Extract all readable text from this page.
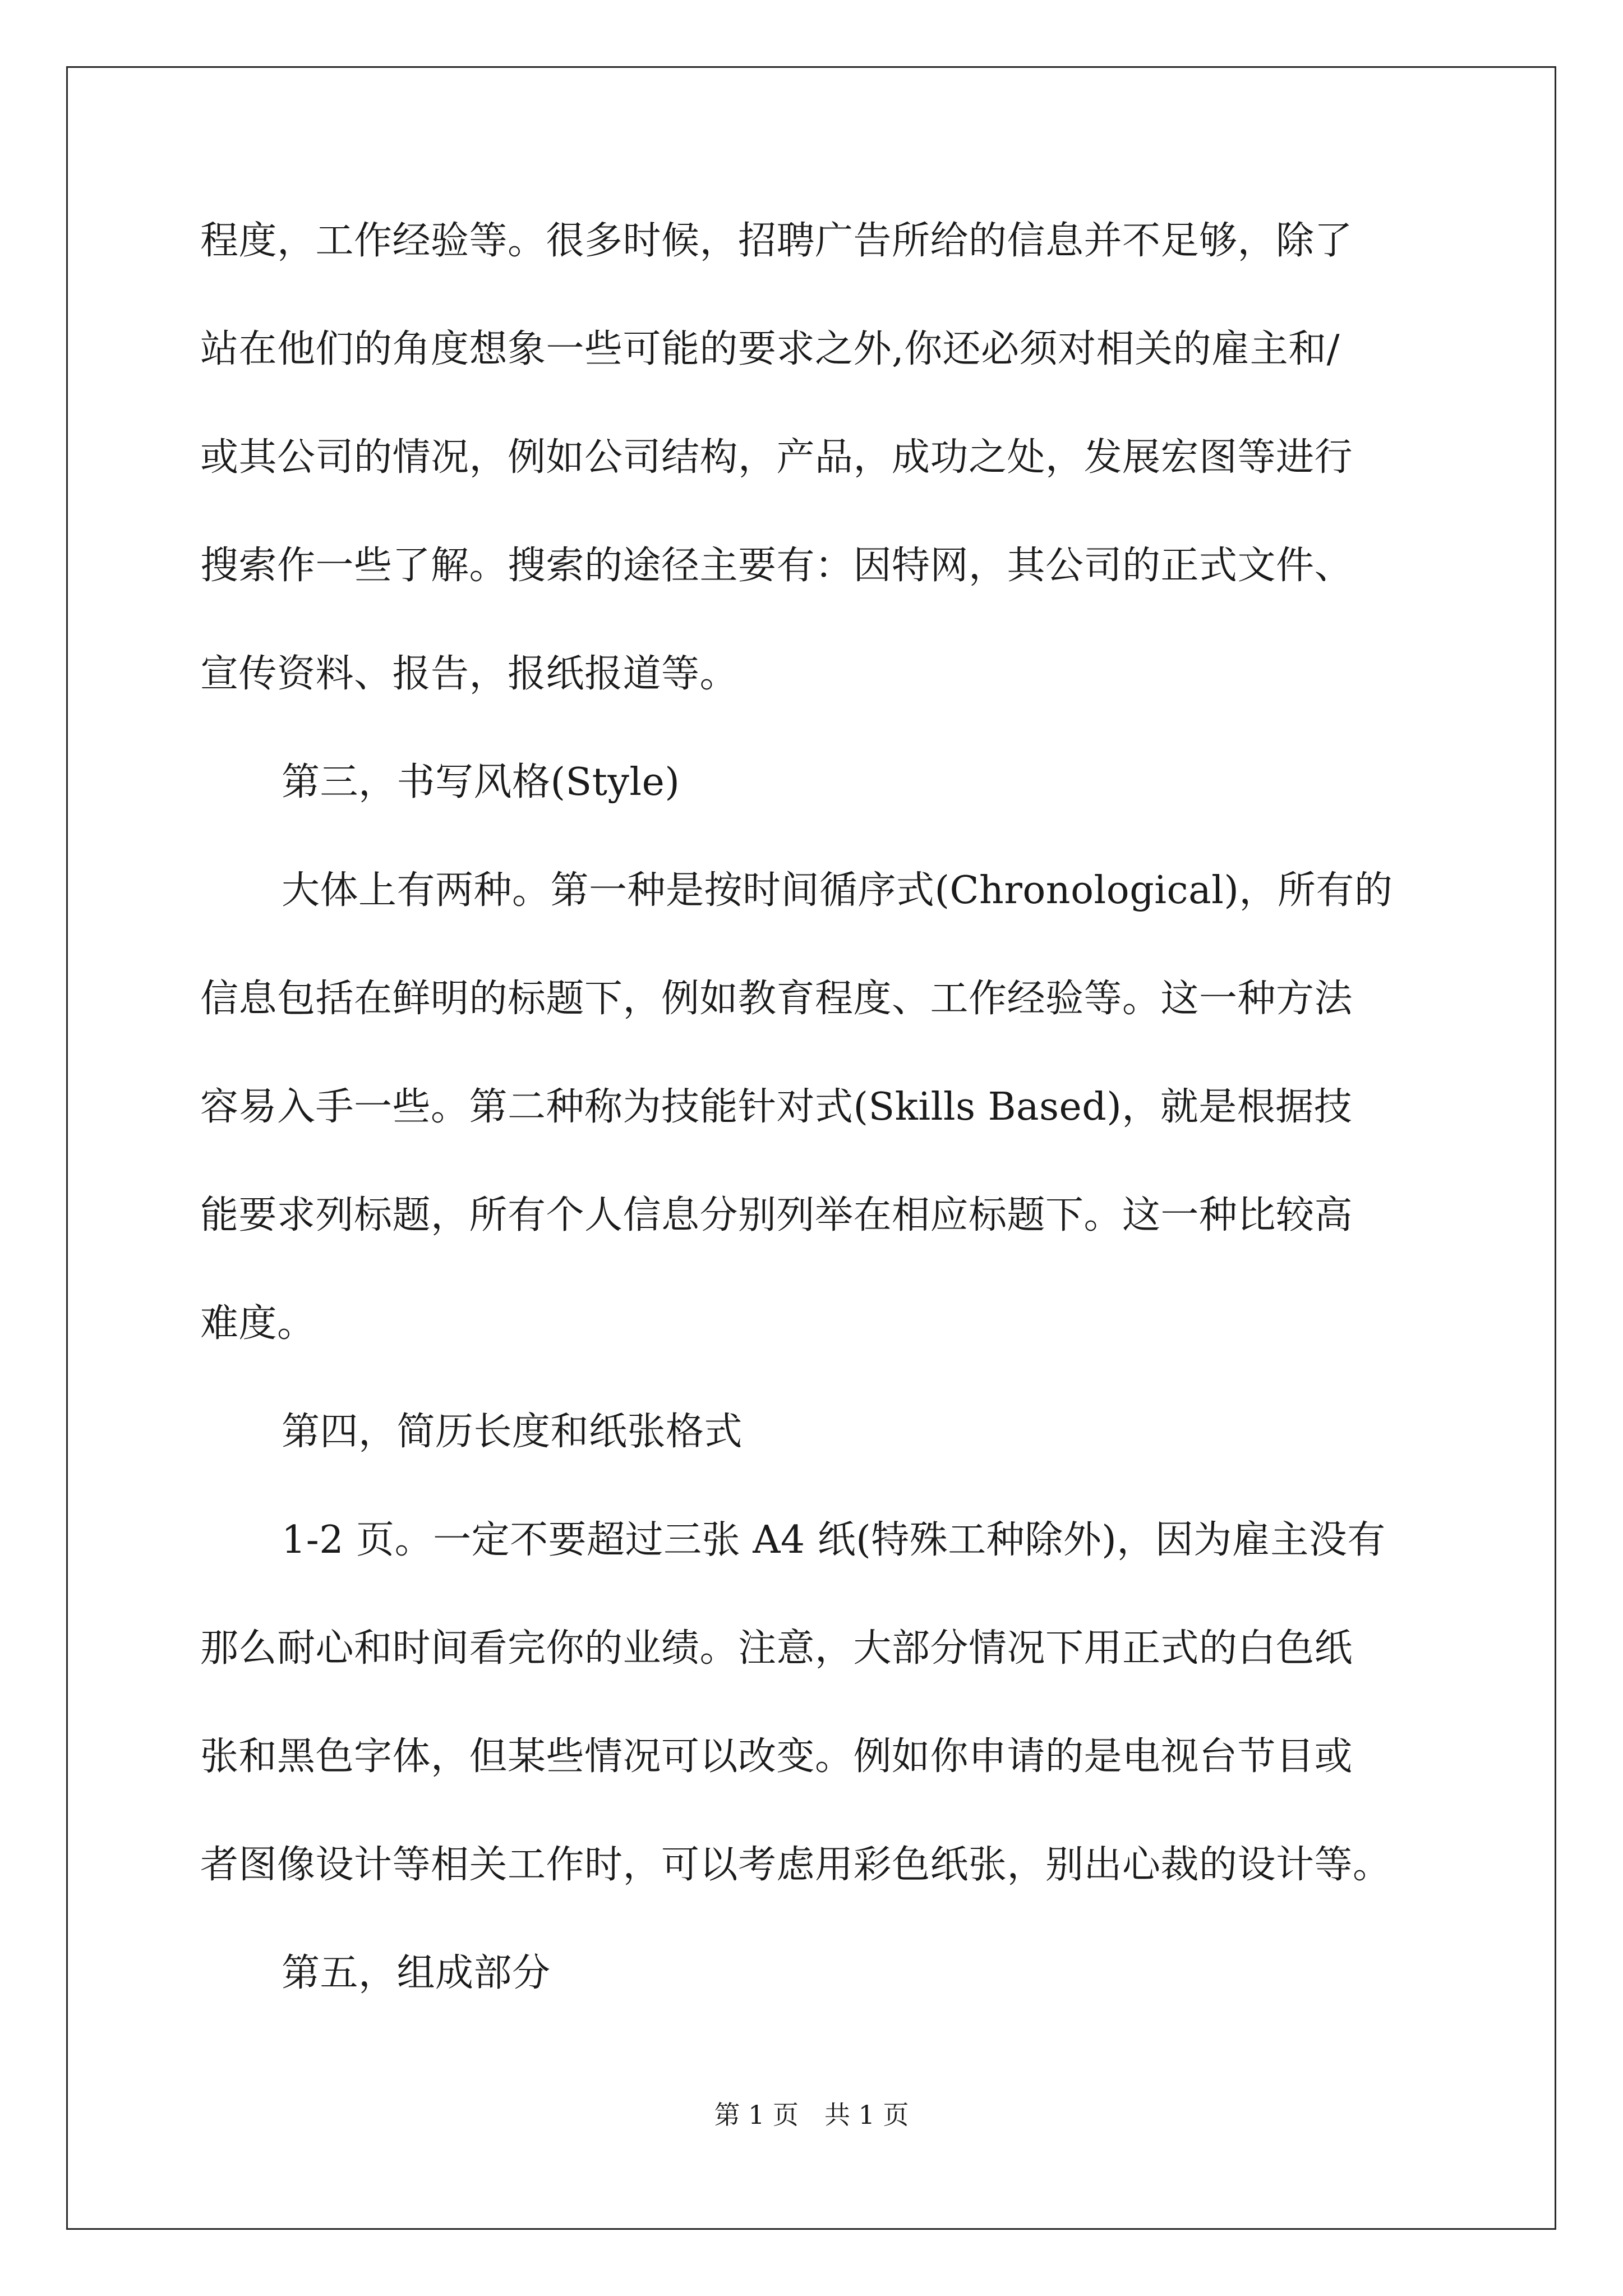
程度，工作经验等。很多时候，招聘广告所给的信息并不足够，除了
站在他们的角度想象一些可能的要求之外,你还必须对相关的雇主和/
或其公司的情况，例如公司结构，产品，成功之处，发展宏图等进行
搜索作一些了解。搜索的途径主要有：因特网，其公司的正式文件、
宣传资料、报告，报纸报道等。
第三，书写风格(Style)
大体上有两种。第一种是按时间循序式(Chronological)，所有的
信息包括在鲜明的标题下，例如教育程度、工作经验等。这一种方法
容易入手一些。第二种称为技能针对式(Skills Based)，就是根据技
能要求列标题，所有个人信息分别列举在相应标题下。这一种比较高
难度。
第四，简历长度和纸张格式
1-2 页。一定不要超过三张 A4 纸(特殊工种除外)，因为雇主没有
那么耐心和时间看完你的业绩。注意，大部分情况下用正式的白色纸
张和黑色字体，但某些情况可以改变。例如你申请的是电视台节目或
者图像设计等相关工作时，可以考虑用彩色纸张，别出心裁的设计等。
第五，组成部分
第 1 页　共 1 页
